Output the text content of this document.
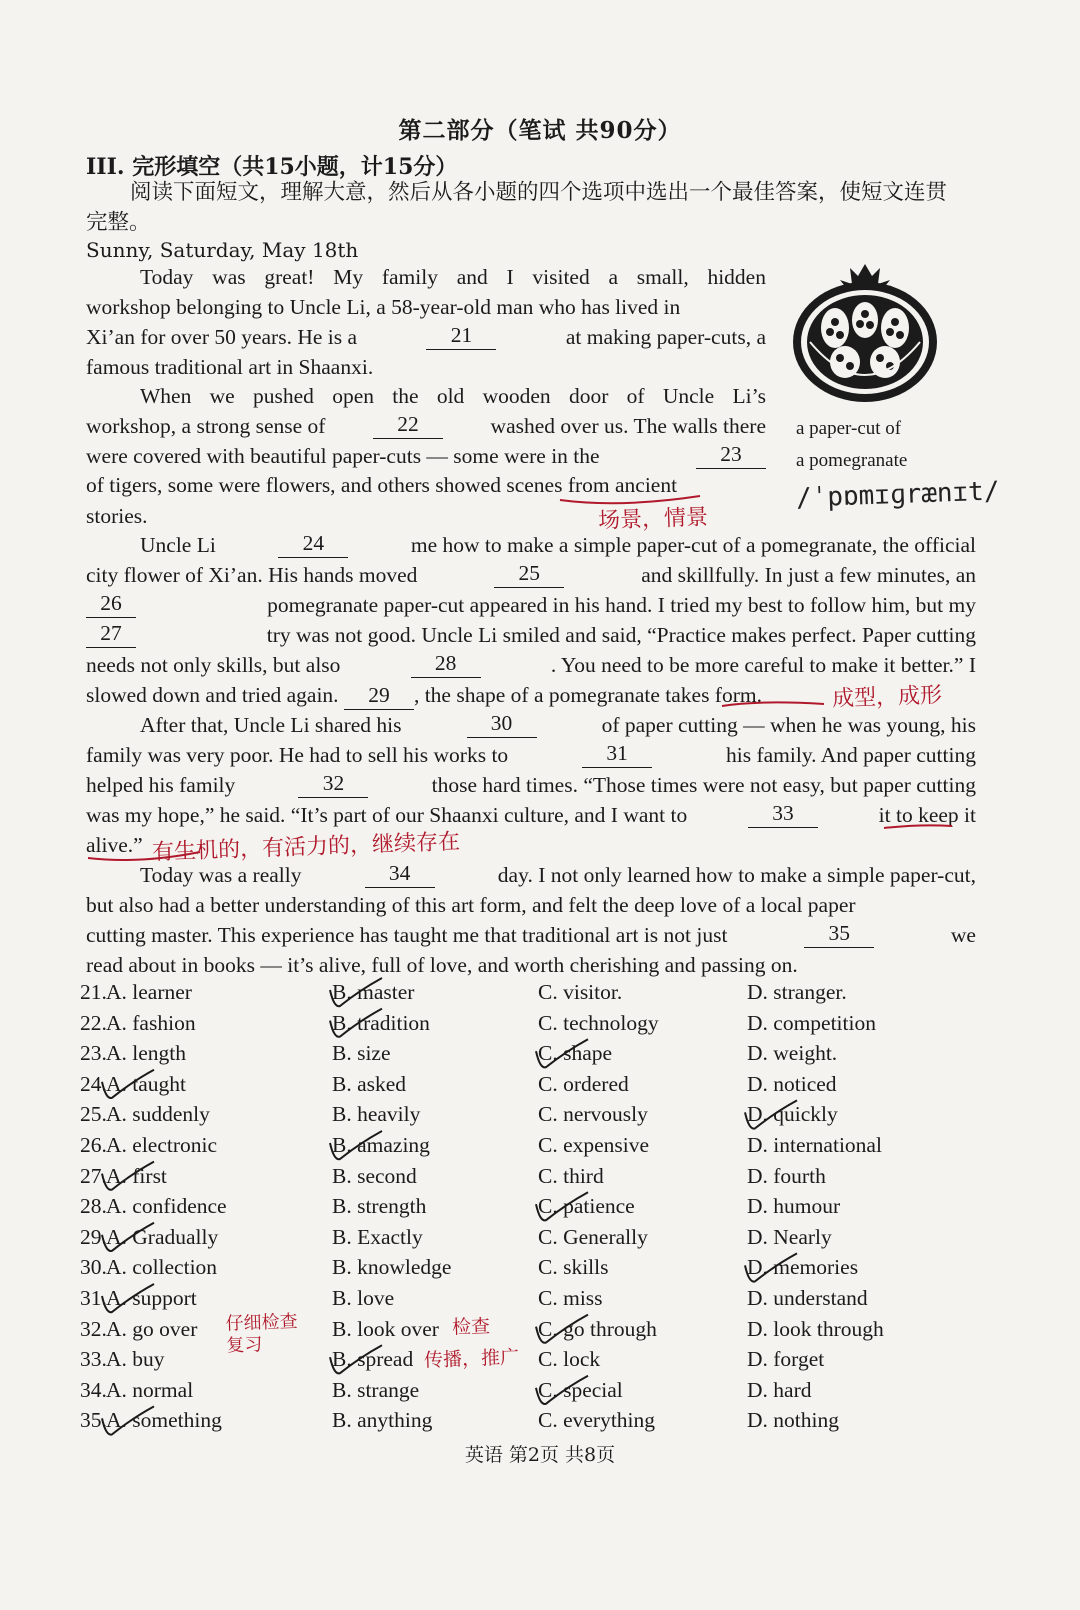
第二部分（笔试 共90分）
III. 完形填空（共15小题，计15分）
阅读下面短文，理解大意，然后从各小题的四个选项中选出一个最佳答案，使短文连贯完整。
Sunny, Saturday, May 18th
Today was great! My family and I visited a small, hidden
workshop belonging to Uncle Li, a 58-year-old man who has lived in
Xi’an for over 50 years. He is a	21	at making paper-cuts, a
famous traditional art in Shaanxi.
When we pushed open the old wooden door of Uncle Li’s
workshop, a strong sense of	22	washed over us. The walls there
were covered with beautiful paper-cuts — some were in the	23
of tigers, some were flowers, and others showed scenes from ancient
stories.
Uncle Li	24	me how to make a simple paper-cut of a pomegranate, the official
city flower of Xi’an. His hands moved	25	and skillfully. In just a few minutes, an
26	pomegranate paper-cut appeared in his hand. I tried my best to follow him, but my
27	try was not good. Uncle Li smiled and said, “Practice makes perfect. Paper cutting
needs not only skills, but also	28	. You need to be more careful to make it better.” I
slowed down and tried again. 29 , the shape of a pomegranate takes form.
After that, Uncle Li shared his	30	of paper cutting — when he was young, his
family was very poor. He had to sell his works to	31	his family. And paper cutting
helped his family	32	those hard times. “Those times were not easy, but paper cutting
was my hope,” he said. “It’s part of our Shaanxi culture, and I want to	33	it to keep it
alive.”
Today was a really	34	day. I not only learned how to make a simple paper-cut,
but also had a better understanding of this art form, and felt the deep love of a local paper
cutting master. This experience has taught me that traditional art is not just	35	we
read about in books — it’s alive, full of love, and worth cherishing and passing on.
a paper-cut of
a pomegranate
/ˈpɒmɪɡrænɪt/
场景，情景
成型，成形
有生机的，有活力的，继续存在
仔细检查 复习
检查
传播，推广
21. A. learner	B. master	C. visitor.	D. stranger.
22. A. fashion	B. tradition	C. technology	D. competition
23. A. length	B. size	C. shape	D. weight.
24. A. taught	B. asked	C. ordered	D. noticed
25. A. suddenly	B. heavily	C. nervously	D. quickly
26. A. electronic	B. amazing	C. expensive	D. international
27. A. first	B. second	C. third	D. fourth
28. A. confidence	B. strength	C. patience	D. humour
29. A. Gradually	B. Exactly	C. Generally	D. Nearly
30. A. collection	B. knowledge	C. skills	D. memories
31. A. support	B. love	C. miss	D. understand
32. A. go over	B. look over	C. go through	D. look through
33. A. buy	B. spread	C. lock	D. forget
34. A. normal	B. strange	C. special	D. hard
35. A. something	B. anything	C. everything	D. nothing
英语 第2页 共8页
